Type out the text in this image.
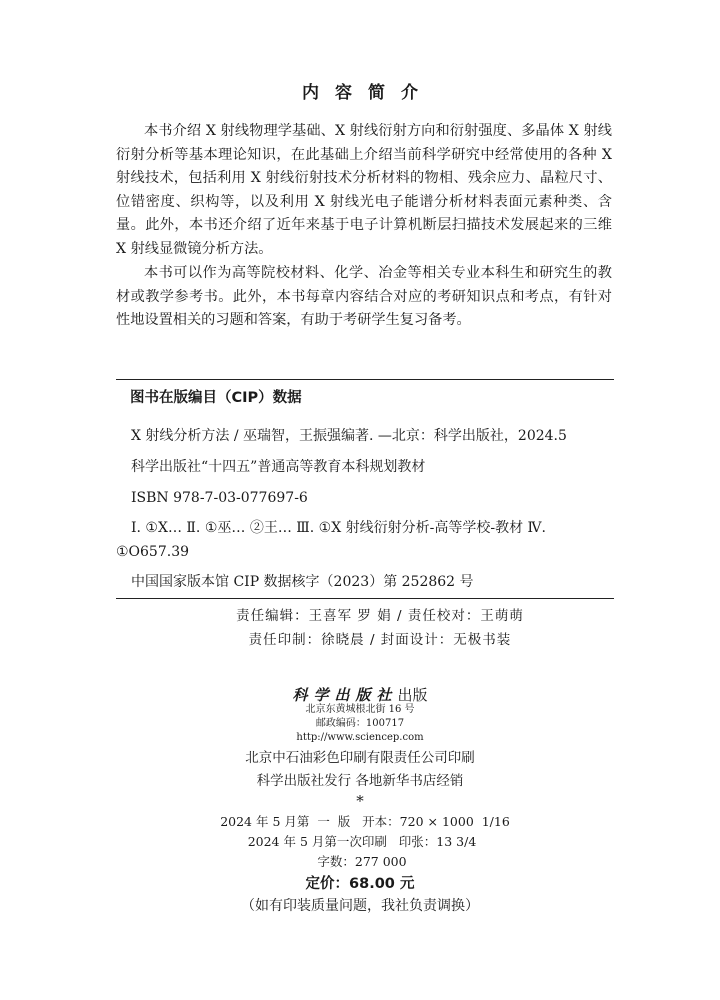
内容简介
本书介绍 X 射线物理学基础、X 射线衍射方向和衍射强度、多晶体 X 射线衍射分析等基本理论知识，在此基础上介绍当前科学研究中经常使用的各种 X 射线技术，包括利用 X 射线衍射技术分析材料的物相、残余应力、晶粒尺寸、位错密度、织构等，以及利用 X 射线光电子能谱分析材料表面元素种类、含量。此外，本书还介绍了近年来基于电子计算机断层扫描技术发展起来的三维 X 射线显微镜分析方法。
本书可以作为高等院校材料、化学、冶金等相关专业本科生和研究生的教材或教学参考书。此外，本书每章内容结合对应的考研知识点和考点，有针对性地设置相关的习题和答案，有助于考研学生复习备考。
图书在版编目（CIP）数据
X 射线分析方法 / 巫瑞智，王振强编著. —北京：科学出版社，2024.5
科学出版社“十四五”普通高等教育本科规划教材
ISBN 978-7-03-077697-6
Ⅰ. ①X… Ⅱ. ①巫… ②王… Ⅲ. ①X 射线衍射分析-高等学校-教材 Ⅳ. ①O657.39
中国国家版本馆 CIP 数据核字（2023）第 252862 号
责任编辑：王喜军 罗 娟 / 责任校对：王萌萌
责任印制：徐晓晨 / 封面设计：无极书装
科学出版社出版
北京东黄城根北街 16 号
邮政编码：100717
http://www.sciencep.com
北京中石油彩色印刷有限责任公司印刷
科学出版社发行 各地新华书店经销
*
2024 年 5 月第  一  版   开本：720 × 1000  1/16
2024 年 5 月第一次印刷   印张：13 3/4
字数：277 000
定价：68.00 元
（如有印装质量问题，我社负责调换）
